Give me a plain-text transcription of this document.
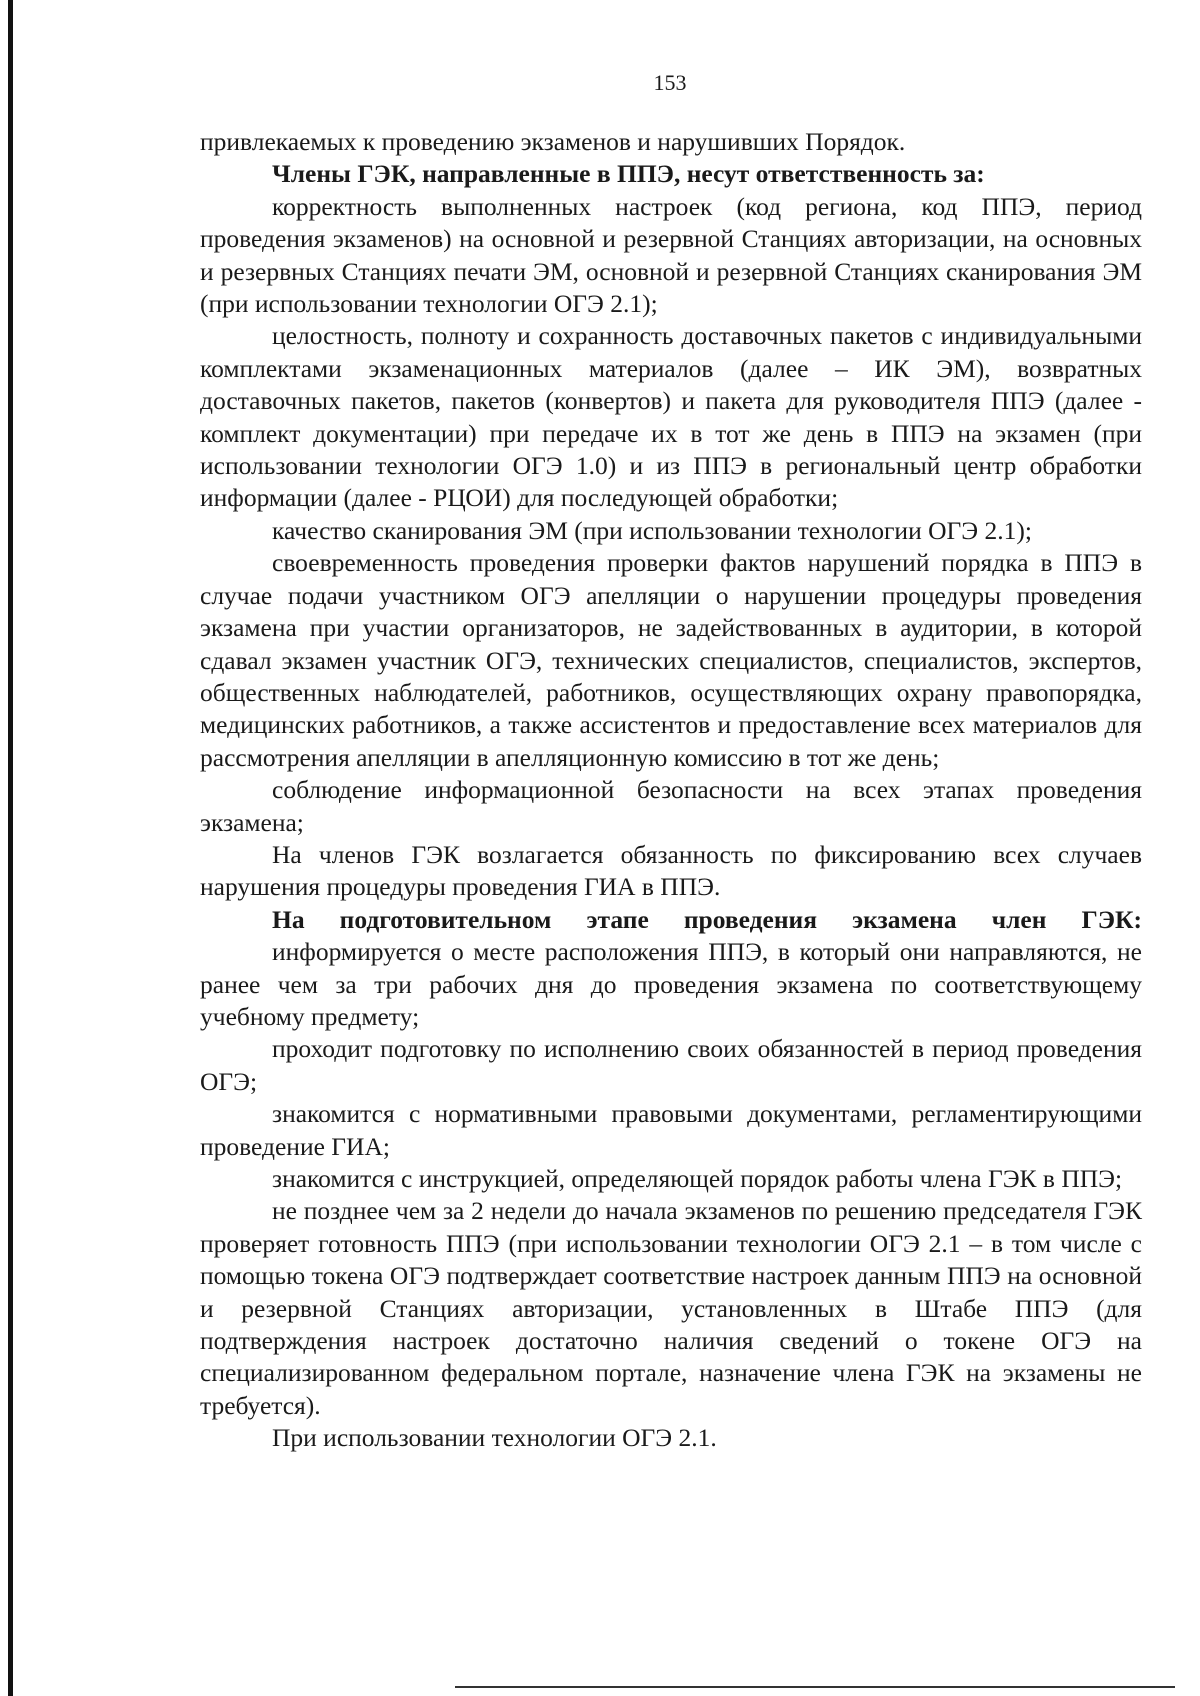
153

привлекаемых к проведению экзаменов и нарушивших Порядок.

Члены ГЭК, направленные в ППЭ, несут ответственность за:

корректность выполненных настроек (код региона, код ППЭ, период проведения экзаменов) на основной и резервной Станциях авторизации, на основных и резервных Станциях печати ЭМ, основной и резервной Станциях сканирования ЭМ (при использовании технологии ОГЭ 2.1);

целостность, полноту и сохранность доставочных пакетов с индивидуальными комплектами экзаменационных материалов (далее – ИК ЭМ), возвратных доставочных пакетов, пакетов (конвертов) и пакета для руководителя ППЭ (далее - комплект документации) при передаче их в тот же день в ППЭ на экзамен (при использовании технологии ОГЭ 1.0) и из ППЭ в региональный центр обработки информации (далее - РЦОИ) для последующей обработки;

качество сканирования ЭМ (при использовании технологии ОГЭ 2.1);

своевременность проведения проверки фактов нарушений порядка в ППЭ в случае подачи участником ОГЭ апелляции о нарушении процедуры проведения экзамена при участии организаторов, не задействованных в аудитории, в которой сдавал экзамен участник ОГЭ, технических специалистов, специалистов, экспертов, общественных наблюдателей, работников, осуществляющих охрану правопорядка, медицинских работников, а также ассистентов и предоставление всех материалов для рассмотрения апелляции в апелляционную комиссию в тот же день;

соблюдение информационной безопасности на всех этапах проведения экзамена;

На членов ГЭК возлагается обязанность по фиксированию всех случаев нарушения процедуры проведения ГИА в ППЭ.

На подготовительном этапе проведения экзамена член ГЭК:

информируется о месте расположения ППЭ, в который они направляются, не ранее чем за три рабочих дня до проведения экзамена по соответствующему учебному предмету;

проходит подготовку по исполнению своих обязанностей в период проведения ОГЭ;

знакомится с нормативными правовыми документами, регламентирующими проведение ГИА;

знакомится с инструкцией, определяющей порядок работы члена ГЭК в ППЭ;

не позднее чем за 2 недели до начала экзаменов по решению председателя ГЭК проверяет готовность ППЭ (при использовании технологии ОГЭ 2.1 – в том числе с помощью токена ОГЭ подтверждает соответствие настроек данным ППЭ на основной и резервной Станциях авторизации, установленных в Штабе ППЭ (для подтверждения настроек достаточно наличия сведений о токене ОГЭ на специализированном федеральном портале, назначение члена ГЭК на экзамены не требуется).

При использовании технологии ОГЭ 2.1.
